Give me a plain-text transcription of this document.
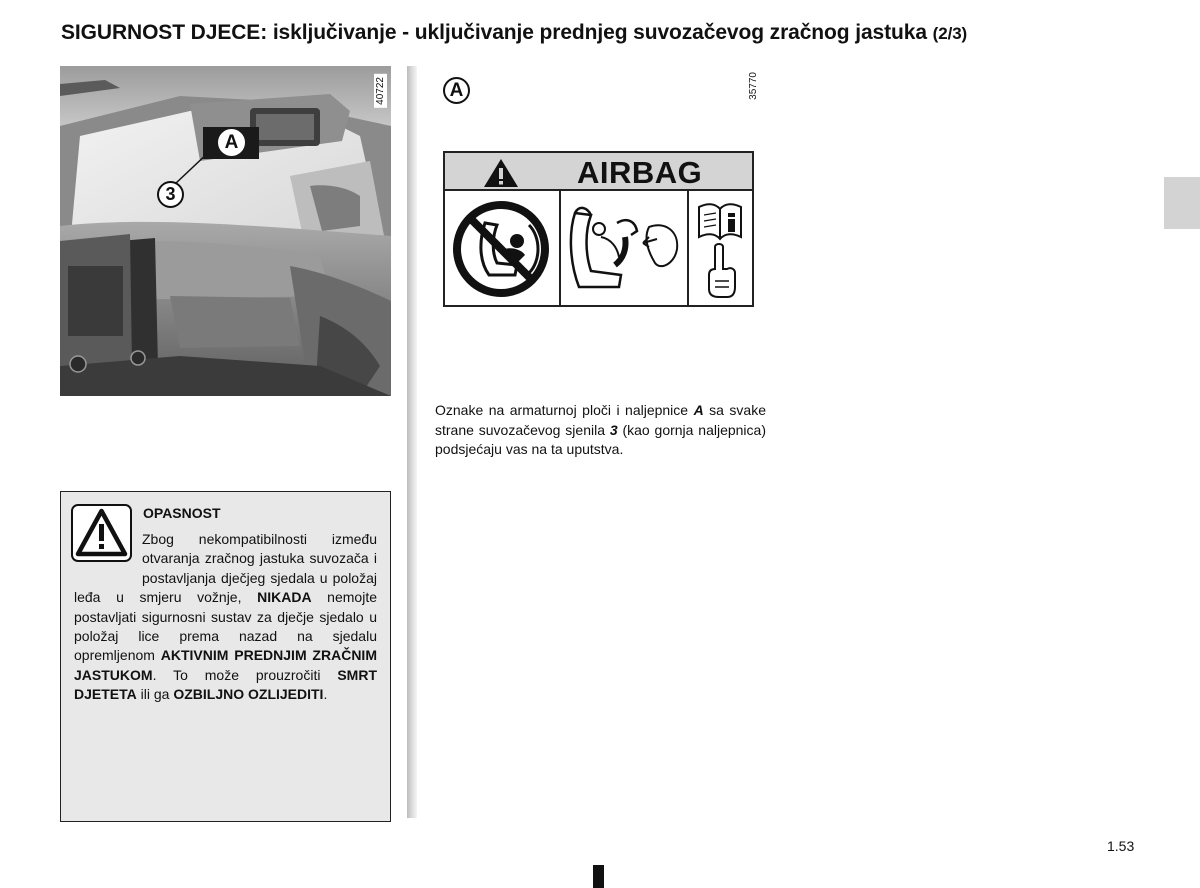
SIGURNOST DJECE: isključivanje - uključivanje prednjeg suvozačevog zračnog jastuka (2/3)
A
3
40722
OPASNOST

Zbog nekompatibilnosti između otvaranja zračnog jastuka suvozača i postavljanja dječjeg sjedala u položaj leđa u smjeru vožnje, NIKADA nemojte postavljati sigurnosni sustav za dječje sjedalo u položaj lice prema nazad na sjedalu opremljenom AKTIVNIM PREDNJIM ZRAČNIM JASTUKOM. To može prouzročiti SMRT DJETETA ili ga OZBILJNO OZLIJEDITI.

A	35770
AIRBAG

Oznake na armaturnoj ploči i naljepnice A sa svake strane suvozačevog sjenila 3 (kao gornja naljepnica) podsjećaju vas na ta uputstva.

1.53
